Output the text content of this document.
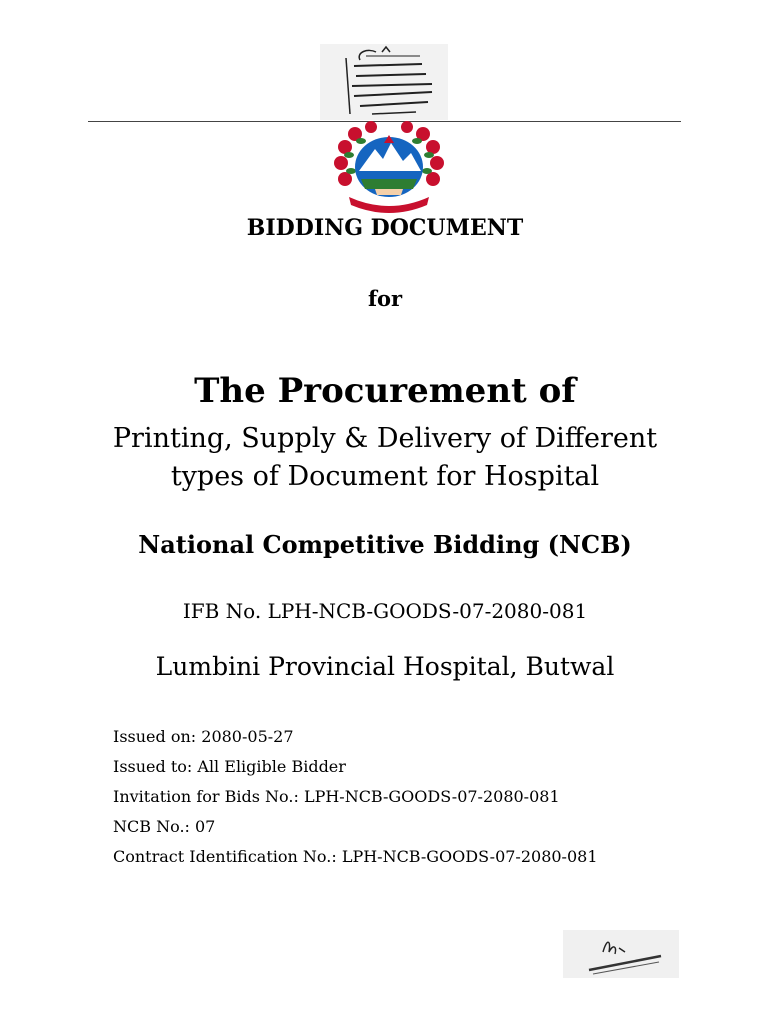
BIDDING DOCUMENT
for
The Procurement of
Printing, Supply & Delivery of Different
types of Document for Hospital
National Competitive Bidding (NCB)
IFB No. LPH-NCB-GOODS-07-2080-081
Lumbini Provincial Hospital, Butwal
Issued on: 2080-05-27
Issued to: All Eligible Bidder
Invitation for Bids No.: LPH-NCB-GOODS-07-2080-081
NCB No.: 07
Contract Identification No.: LPH-NCB-GOODS-07-2080-081
